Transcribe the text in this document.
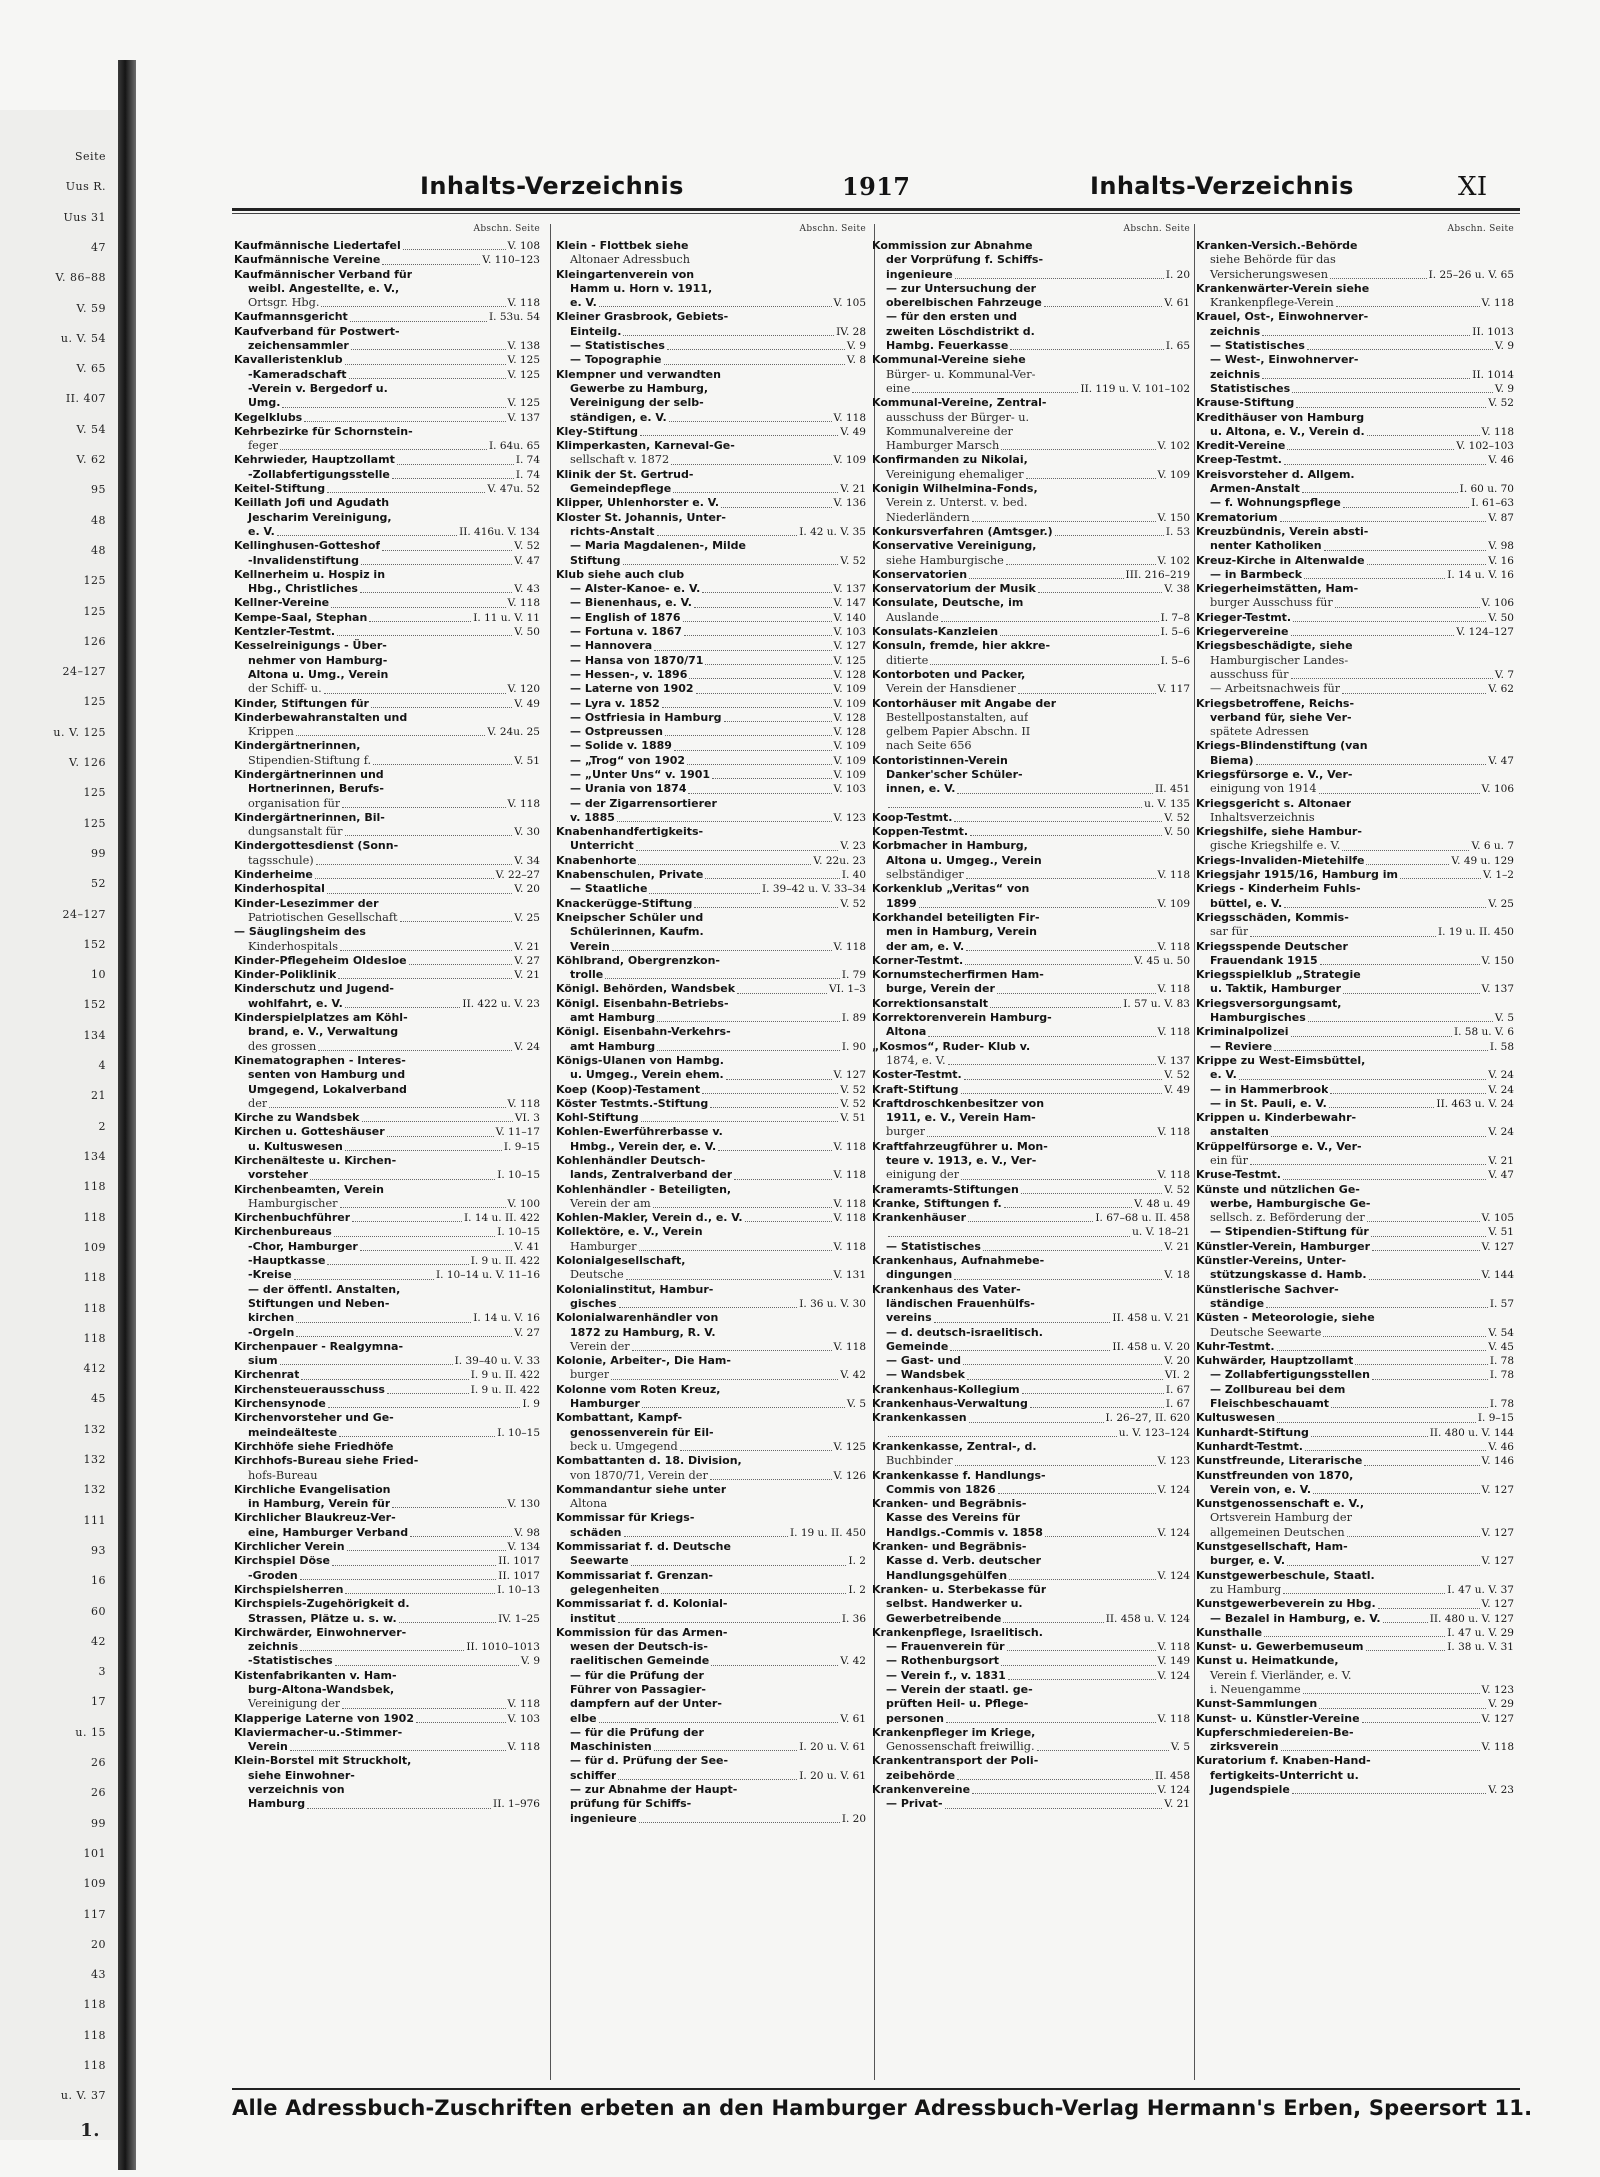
Seite
Uus R.
Uus 31
47
V. 86–88
V. 59
u. V. 54
V. 65
II. 407
V. 54
V. 62
95
48
48
125
125
126
24–127
125
u. V. 125
V. 126
125
125
99
52
24–127
152
10
152
134
4
21
2
134
118
118
109
118
118
118
412
45
132
132
132
111
93
16
60
42
3
17
u. 15
26
26
99
101
109
117
20
43
118
118
118
u. V. 37
1.
Inhalts-Verzeichnis	1917	Inhalts-Verzeichnis	XI
Abschn. Seite
Kaufmännische Liedertafel	V. 108
Kaufmännische Vereine	V. 110–123
Kaufmännischer Verband für
weibl. Angestellte, e. V.,
Ortsgr. Hbg.	V. 118
Kaufmannsgericht	I. 53u. 54
Kaufverband für Postwert-
zeichensammler	V. 138
Kavalleristenklub	V. 125
-Kameradschaft	V. 125
-Verein v. Bergedorf u.
Umg.	V. 125
Kegelklubs	V. 137
Kehrbezirke für Schornstein-
feger	I. 64u. 65
Kehrwieder, Hauptzollamt	I. 74
-Zollabfertigungsstelle	I. 74
Keitel-Stiftung	V. 47u. 52
Keillath Jofi und Agudath
Jescharim Vereinigung,
e. V.	II. 416u. V. 134
Kellinghusen-Gotteshof	V. 52
-Invalidenstiftung	V. 47
Kellnerheim u. Hospiz in
Hbg., Christliches	V. 43
Kellner-Vereine	V. 118
Kempe-Saal, Stephan	I. 11 u. V. 11
Kentzler-Testmt.	V. 50
Kesselreinigungs - Über-
nehmer von Hamburg-
Altona u. Umg., Verein
der Schiff- u.	V. 120
Kinder, Stiftungen für	V. 49
Kinderbewahranstalten und
Krippen	V. 24u. 25
Kindergärtnerinnen,
Stipendien-Stiftung f.	V. 51
Kindergärtnerinnen und
Hortnerinnen, Berufs-
organisation für	V. 118
Kindergärtnerinnen, Bil-
dungsanstalt für	V. 30
Kindergottesdienst (Sonn-
tagsschule)	V. 34
Kinderheime	V. 22–27
Kinderhospital	V. 20
Kinder-Lesezimmer der
Patriotischen Gesellschaft	V. 25
— Säuglingsheim des
Kinderhospitals	V. 21
Kinder-Pflegeheim Oldesloe	V. 27
Kinder-Poliklinik	V. 21
Kinderschutz und Jugend-
wohlfahrt, e. V.	II. 422 u. V. 23
Kinderspielplatzes am Köhl-
brand, e. V., Verwaltung
des grossen	V. 24
Kinematographen - Interes-
senten von Hamburg und
Umgegend, Lokalverband
der	V. 118
Kirche zu Wandsbek	VI. 3
Kirchen u. Gotteshäuser	V. 11–17
u. Kultuswesen	I. 9–15
Kirchenälteste u. Kirchen-
vorsteher	I. 10–15
Kirchenbeamten, Verein
Hamburgischer	V. 100
Kirchenbuchführer	I. 14 u. II. 422
Kirchenbureaus	I. 10–15
-Chor, Hamburger	V. 41
-Hauptkasse	I. 9 u. II. 422
-Kreise	I. 10–14 u. V. 11–16
— der öffentl. Anstalten,
Stiftungen und Neben-
kirchen	I. 14 u. V. 16
-Orgeln	V. 27
Kirchenpauer - Realgymna-
sium	I. 39–40 u. V. 33
Kirchenrat	I. 9 u. II. 422
Kirchensteuerausschuss	I. 9 u. II. 422
Kirchensynode	I. 9
Kirchenvorsteher und Ge-
meindeälteste	I. 10–15
Kirchhöfe siehe Friedhöfe
Kirchhofs-Bureau siehe Fried-
hofs-Bureau
Kirchliche Evangelisation
in Hamburg, Verein für	V. 130
Kirchlicher Blaukreuz-Ver-
eine, Hamburger Verband	V. 98
Kirchlicher Verein	V. 134
Kirchspiel Döse	II. 1017
-Groden	II. 1017
Kirchspielsherren	I. 10–13
Kirchspiels-Zugehörigkeit d.
Strassen, Plätze u. s. w.	IV. 1–25
Kirchwärder, Einwohnerver-
zeichnis	II. 1010–1013
-Statistisches	V. 9
Kistenfabrikanten v. Ham-
burg-Altona-Wandsbek,
Vereinigung der	V. 118
Klapperige Laterne von 1902	V. 103
Klaviermacher-u.-Stimmer-
Verein	V. 118
Klein-Borstel mit Struckholt,
siehe Einwohner-
verzeichnis von
Hamburg	II. 1–976
Abschn. Seite
Klein - Flottbek siehe
Altonaer Adressbuch
Kleingartenverein von
Hamm u. Horn v. 1911,
e. V.	V. 105
Kleiner Grasbrook, Gebiets-
Einteilg.	IV. 28
— Statistisches	V. 9
— Topographie	V. 8
Klempner und verwandten
Gewerbe zu Hamburg,
Vereinigung der selb-
ständigen, e. V.	V. 118
Kley-Stiftung	V. 49
Klimperkasten, Karneval-Ge-
sellschaft v. 1872	V. 109
Klinik der St. Gertrud-
Gemeindepflege	V. 21
Klipper, Uhlenhorster e. V.	V. 136
Kloster St. Johannis, Unter-
richts-Anstalt	I. 42 u. V. 35
— Maria Magdalenen-, Milde
Stiftung	V. 52
Klub siehe auch club
— Alster-Kanoe- e. V.	V. 137
— Bienenhaus, e. V.	V. 147
— English of 1876	V. 140
— Fortuna v. 1867	V. 103
— Hannovera	V. 127
— Hansa von 1870/71	V. 125
— Hessen-, v. 1896	V. 128
— Laterne von 1902	V. 109
— Lyra v. 1852	V. 109
— Ostfriesia in Hamburg	V. 128
— Ostpreussen	V. 128
— Solide v. 1889	V. 109
— „Trog“ von 1902	V. 109
— „Unter Uns“ v. 1901	V. 109
— Urania von 1874	V. 103
— der Zigarrensortierer
v. 1885	V. 123
Knabenhandfertigkeits-
Unterricht	V. 23
Knabenhorte	V. 22u. 23
Knabenschulen, Private	I. 40
— Staatliche	I. 39–42 u. V. 33–34
Knackerügge-Stiftung	V. 52
Kneipscher Schüler und
Schülerinnen, Kaufm.
Verein	V. 118
Köhlbrand, Obergrenzkon-
trolle	I. 79
Königl. Behörden, Wandsbek	VI. 1–3
Königl. Eisenbahn-Betriebs-
amt Hamburg	I. 89
Königl. Eisenbahn-Verkehrs-
amt Hamburg	I. 90
Königs-Ulanen von Hambg.
u. Umgeg., Verein ehem.	V. 127
Koep (Koop)-Testament	V. 52
Köster Testmts.-Stiftung	V. 52
Kohl-Stiftung	V. 51
Kohlen-Ewerführerbasse v.
Hmbg., Verein der, e. V.	V. 118
Kohlenhändler Deutsch-
lands, Zentralverband der	V. 118
Kohlenhändler - Beteiligten,
Verein der am	V. 118
Kohlen-Makler, Verein d., e. V.	V. 118
Kollektöre, e. V., Verein
Hamburger	V. 118
Kolonialgesellschaft,
Deutsche	V. 131
Kolonialinstitut, Hambur-
gisches	I. 36 u. V. 30
Kolonialwarenhändler von
1872 zu Hamburg, R. V.
Verein der	V. 118
Kolonie, Arbeiter-, Die Ham-
burger	V. 42
Kolonne vom Roten Kreuz,
Hamburger	V. 5
Kombattant, Kampf-
genossenverein für Eil-
beck u. Umgegend	V. 125
Kombattanten d. 18. Division,
von 1870/71, Verein der	V. 126
Kommandantur siehe unter
Altona
Kommissar für Kriegs-
schäden	I. 19 u. II. 450
Kommissariat f. d. Deutsche
Seewarte	I. 2
Kommissariat f. Grenzan-
gelegenheiten	I. 2
Kommissariat f. d. Kolonial-
institut	I. 36
Kommission für das Armen-
wesen der Deutsch-is-
raelitischen Gemeinde	V. 42
— für die Prüfung der
Führer von Passagier-
dampfern auf der Unter-
elbe	V. 61
— für die Prüfung der
Maschinisten	I. 20 u. V. 61
— für d. Prüfung der See-
schiffer	I. 20 u. V. 61
— zur Abnahme der Haupt-
prüfung für Schiffs-
ingenieure	I. 20
Abschn. Seite
Kommission zur Abnahme
der Vorprüfung f. Schiffs-
ingenieure	I. 20
— zur Untersuchung der
oberelbischen Fahrzeuge	V. 61
— für den ersten und
zweiten Löschdistrikt d.
Hambg. Feuerkasse	I. 65
Kommunal-Vereine siehe
Bürger- u. Kommunal-Ver-
eine	II. 119 u. V. 101–102
Kommunal-Vereine, Zentral-
ausschuss der Bürger- u.
Kommunalvereine der
Hamburger Marsch	V. 102
Konfirmanden zu Nikolai,
Vereinigung ehemaliger	V. 109
Konigin Wilhelmina-Fonds,
Verein z. Unterst. v. bed.
Niederländern	V. 150
Konkursverfahren (Amtsger.)	I. 53
Konservative Vereinigung,
siehe Hamburgische	V. 102
Konservatorien	III. 216–219
Konservatorium der Musik	V. 38
Konsulate, Deutsche, im
Auslande	I. 7–8
Konsulats-Kanzleien	I. 5–6
Konsuln, fremde, hier akkre-
ditierte	I. 5–6
Kontorboten und Packer,
Verein der Hansdiener	V. 117
Kontorhäuser mit Angabe der
Bestellpostanstalten, auf
gelbem Papier Abschn. II
nach Seite 656
Kontoristinnen-Verein
Danker'scher Schüler-
innen, e. V.	II. 451
u. V. 135
Koop-Testmt.	V. 52
Koppen-Testmt.	V. 50
Korbmacher in Hamburg,
Altona u. Umgeg., Verein
selbständiger	V. 118
Korkenklub „Veritas“ von
1899	V. 109
Korkhandel beteiligten Fir-
men in Hamburg, Verein
der am, e. V.	V. 118
Korner-Testmt.	V. 45 u. 50
Kornumstecherfirmen Ham-
burge, Verein der	V. 118
Korrektionsanstalt	I. 57 u. V. 83
Korrektorenverein Hamburg-
Altona	V. 118
„Kosmos“, Ruder- Klub v.
1874, e. V.	V. 137
Koster-Testmt.	V. 52
Kraft-Stiftung	V. 49
Kraftdroschkenbesitzer von
1911, e. V., Verein Ham-
burger	V. 118
Kraftfahrzeugführer u. Mon-
teure v. 1913, e. V., Ver-
einigung der	V. 118
Krameramts-Stiftungen	V. 52
Kranke, Stiftungen f.	V. 48 u. 49
Krankenhäuser	I. 67–68 u. II. 458
u. V. 18–21
— Statistisches	V. 21
Krankenhaus, Aufnahmebe-
dingungen	V. 18
Krankenhaus des Vater-
ländischen Frauenhülfs-
vereins	II. 458 u. V. 21
— d. deutsch-israelitisch.
Gemeinde	II. 458 u. V. 20
— Gast- und	V. 20
— Wandsbek	VI. 2
Krankenhaus-Kollegium	I. 67
Krankenhaus-Verwaltung	I. 67
Krankenkassen	I. 26–27, II. 620
u. V. 123–124
Krankenkasse, Zentral-, d.
Buchbinder	V. 123
Krankenkasse f. Handlungs-
Commis von 1826	V. 124
Kranken- und Begräbnis-
Kasse des Vereins für
Handlgs.-Commis v. 1858	V. 124
Kranken- und Begräbnis-
Kasse d. Verb. deutscher
Handlungsgehülfen	V. 124
Kranken- u. Sterbekasse für
selbst. Handwerker u.
Gewerbetreibende	II. 458 u. V. 124
Krankenpflege, Israelitisch.
— Frauenverein für	V. 118
— Rothenburgsort	V. 149
— Verein f., v. 1831	V. 124
— Verein der staatl. ge-
prüften Heil- u. Pflege-
personen	V. 118
Krankenpfleger im Kriege,
Genossenschaft freiwillig.	V. 5
Krankentransport der Poli-
zeibehörde	II. 458
Krankenvereine	V. 124
— Privat-	V. 21
Abschn. Seite
Kranken-Versich.-Behörde
siehe Behörde für das
Versicherungswesen	I. 25–26 u. V. 65
Krankenwärter-Verein siehe
Krankenpflege-Verein	V. 118
Krauel, Ost-, Einwohnerver-
zeichnis	II. 1013
— Statistisches	V. 9
— West-, Einwohnerver-
zeichnis	II. 1014
Statistisches	V. 9
Krause-Stiftung	V. 52
Kredithäuser von Hamburg
u. Altona, e. V., Verein d.	V. 118
Kredit-Vereine	V. 102–103
Kreep-Testmt.	V. 46
Kreisvorsteher d. Allgem.
Armen-Anstalt	I. 60 u. 70
— f. Wohnungspflege	I. 61–63
Krematorium	V. 87
Kreuzbündnis, Verein absti-
nenter Katholiken	V. 98
Kreuz-Kirche in Altenwalde	V. 16
— in Barmbeck	I. 14 u. V. 16
Kriegerheimstätten, Ham-
burger Ausschuss für	V. 106
Krieger-Testmt.	V. 50
Kriegervereine	V. 124–127
Kriegsbeschädigte, siehe
Hamburgischer Landes-
ausschuss für	V. 7
— Arbeitsnachweis für	V. 62
Kriegsbetroffene, Reichs-
verband für, siehe Ver-
spätete Adressen
Kriegs-Blindenstiftung (van
Biema)	V. 47
Kriegsfürsorge e. V., Ver-
einigung von 1914	V. 106
Kriegsgericht s. Altonaer
Inhaltsverzeichnis
Kriegshilfe, siehe Hambur-
gische Kriegshilfe e. V.	V. 6 u. 7
Kriegs-Invaliden-Mietehilfe	V. 49 u. 129
Kriegsjahr 1915/16, Hamburg im	V. 1–2
Kriegs - Kinderheim Fuhls-
büttel, e. V.	V. 25
Kriegsschäden, Kommis-
sar für	I. 19 u. II. 450
Kriegsspende Deutscher
Frauendank 1915	V. 150
Kriegsspielklub „Strategie
u. Taktik, Hamburger	V. 137
Kriegsversorgungsamt,
Hamburgisches	V. 5
Kriminalpolizei	I. 58 u. V. 6
— Reviere	I. 58
Krippe zu West-Eimsbüttel,
e. V.	V. 24
— in Hammerbrook	V. 24
— in St. Pauli, e. V.	II. 463 u. V. 24
Krippen u. Kinderbewahr-
anstalten	V. 24
Krüppelfürsorge e. V., Ver-
ein für	V. 21
Kruse-Testmt.	V. 47
Künste und nützlichen Ge-
werbe, Hamburgische Ge-
sellsch. z. Beförderung der	V. 105
— Stipendien-Stiftung für	V. 51
Künstler-Verein, Hamburger	V. 127
Künstler-Vereins, Unter-
stützungskasse d. Hamb.	V. 144
Künstlerische Sachver-
ständige	I. 57
Küsten - Meteorologie, siehe
Deutsche Seewarte	V. 54
Kuhr-Testmt.	V. 45
Kuhwärder, Hauptzollamt	I. 78
— Zollabfertigungsstellen	I. 78
— Zollbureau bei dem
Fleischbeschauamt	I. 78
Kultuswesen	I. 9–15
Kunhardt-Stiftung	II. 480 u. V. 144
Kunhardt-Testmt.	V. 46
Kunstfreunde, Literarische	V. 146
Kunstfreunden von 1870,
Verein von, e. V.	V. 127
Kunstgenossenschaft e. V.,
Ortsverein Hamburg der
allgemeinen Deutschen	V. 127
Kunstgesellschaft, Ham-
burger, e. V.	V. 127
Kunstgewerbeschule, Staatl.
zu Hamburg	I. 47 u. V. 37
Kunstgewerbeverein zu Hbg.	V. 127
— Bezalel in Hamburg, e. V.	II. 480 u. V. 127
Kunsthalle	I. 47 u. V. 29
Kunst- u. Gewerbemuseum	I. 38 u. V. 31
Kunst u. Heimatkunde,
Verein f. Vierländer, e. V.
i. Neuengamme	V. 123
Kunst-Sammlungen	V. 29
Kunst- u. Künstler-Vereine	V. 127
Kupferschmiedereien-Be-
zirksverein	V. 118
Kuratorium f. Knaben-Hand-
fertigkeits-Unterricht u.
Jugendspiele	V. 23
Alle Adressbuch-Zuschriften erbeten an den Hamburger Adressbuch-Verlag Hermann's Erben, Speersort 11.
